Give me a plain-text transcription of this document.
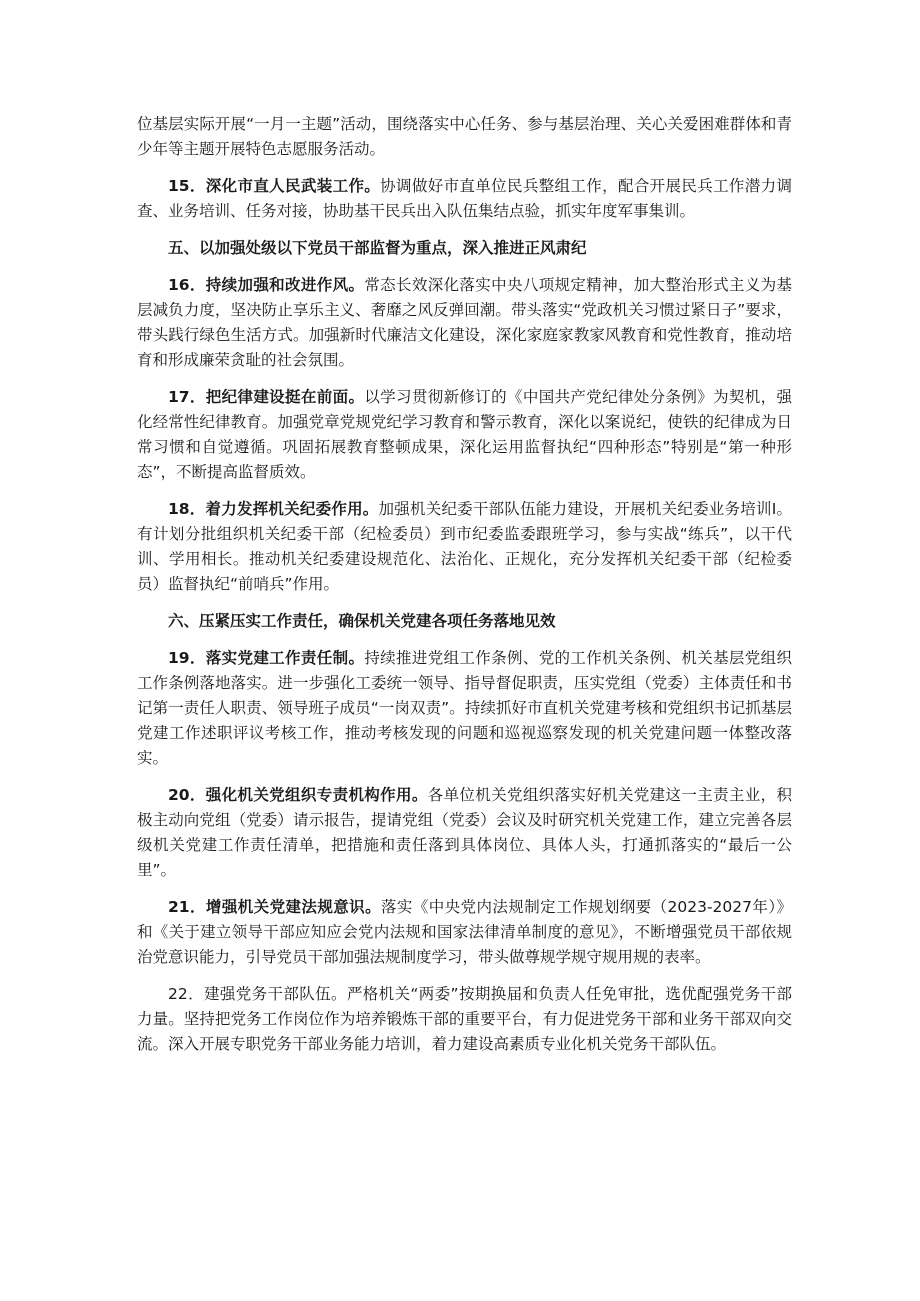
位基层实际开展“一月一主题”活动，围绕落实中心任务、参与基层治理、关心关爱困难群体和青少年等主题开展特色志愿服务活动。

15．深化市直人民武装工作。协调做好市直单位民兵整组工作，配合开展民兵工作潜力调查、业务培训、任务对接，协助基干民兵出入队伍集结点验，抓实年度军事集训。

五、以加强处级以下党员干部监督为重点，深入推进正风肃纪

16．持续加强和改进作风。常态长效深化落实中央八项规定精神，加大整治形式主义为基层减负力度，坚决防止享乐主义、奢靡之风反弹回潮。带头落实“党政机关习惯过紧日子”要求，带头践行绿色生活方式。加强新时代廉洁文化建设，深化家庭家教家风教育和党性教育，推动培育和形成廉荣贪耻的社会氛围。

17．把纪律建设挺在前面。以学习贯彻新修订的《中国共产党纪律处分条例》为契机，强化经常性纪律教育。加强党章党规党纪学习教育和警示教育，深化以案说纪，使铁的纪律成为日常习惯和自觉遵循。巩固拓展教育整顿成果，深化运用监督执纪“四种形态”特别是“第一种形态”，不断提高监督质效。

18．着力发挥机关纪委作用。加强机关纪委干部队伍能力建设，开展机关纪委业务培训I。有计划分批组织机关纪委干部（纪检委员）到市纪委监委跟班学习，参与实战“练兵”，以干代训、学用相长。推动机关纪委建设规范化、法治化、正规化，充分发挥机关纪委干部（纪检委员）监督执纪“前哨兵”作用。

六、压紧压实工作责任，确保机关党建各项任务落地见效

19．落实党建工作责任制。持续推进党组工作条例、党的工作机关条例、机关基层党组织工作条例落地落实。进一步强化工委统一领导、指导督促职责，压实党组（党委）主体责任和书记第一责任人职责、领导班子成员“一岗双责”。持续抓好市直机关党建考核和党组织书记抓基层党建工作述职评议考核工作，推动考核发现的问题和巡视巡察发现的机关党建问题一体整改落实。

20．强化机关党组织专责机构作用。各单位机关党组织落实好机关党建这一主责主业，积极主动向党组（党委）请示报告，提请党组（党委）会议及时研究机关党建工作，建立完善各层级机关党建工作责任清单，把措施和责任落到具体岗位、具体人头，打通抓落实的“最后一公里”。

21．增强机关党建法规意识。落实《中央党内法规制定工作规划纲要（2023-2027年）》和《关于建立领导干部应知应会党内法规和国家法律清单制度的意见》，不断增强党员干部依规治党意识能力，引导党员干部加强法规制度学习，带头做尊规学规守规用规的表率。

22．建强党务干部队伍。严格机关“两委”按期换届和负责人任免审批，选优配强党务干部力量。坚持把党务工作岗位作为培养锻炼干部的重要平台，有力促进党务干部和业务干部双向交流。深入开展专职党务干部业务能力培训，着力建设高素质专业化机关党务干部队伍。
